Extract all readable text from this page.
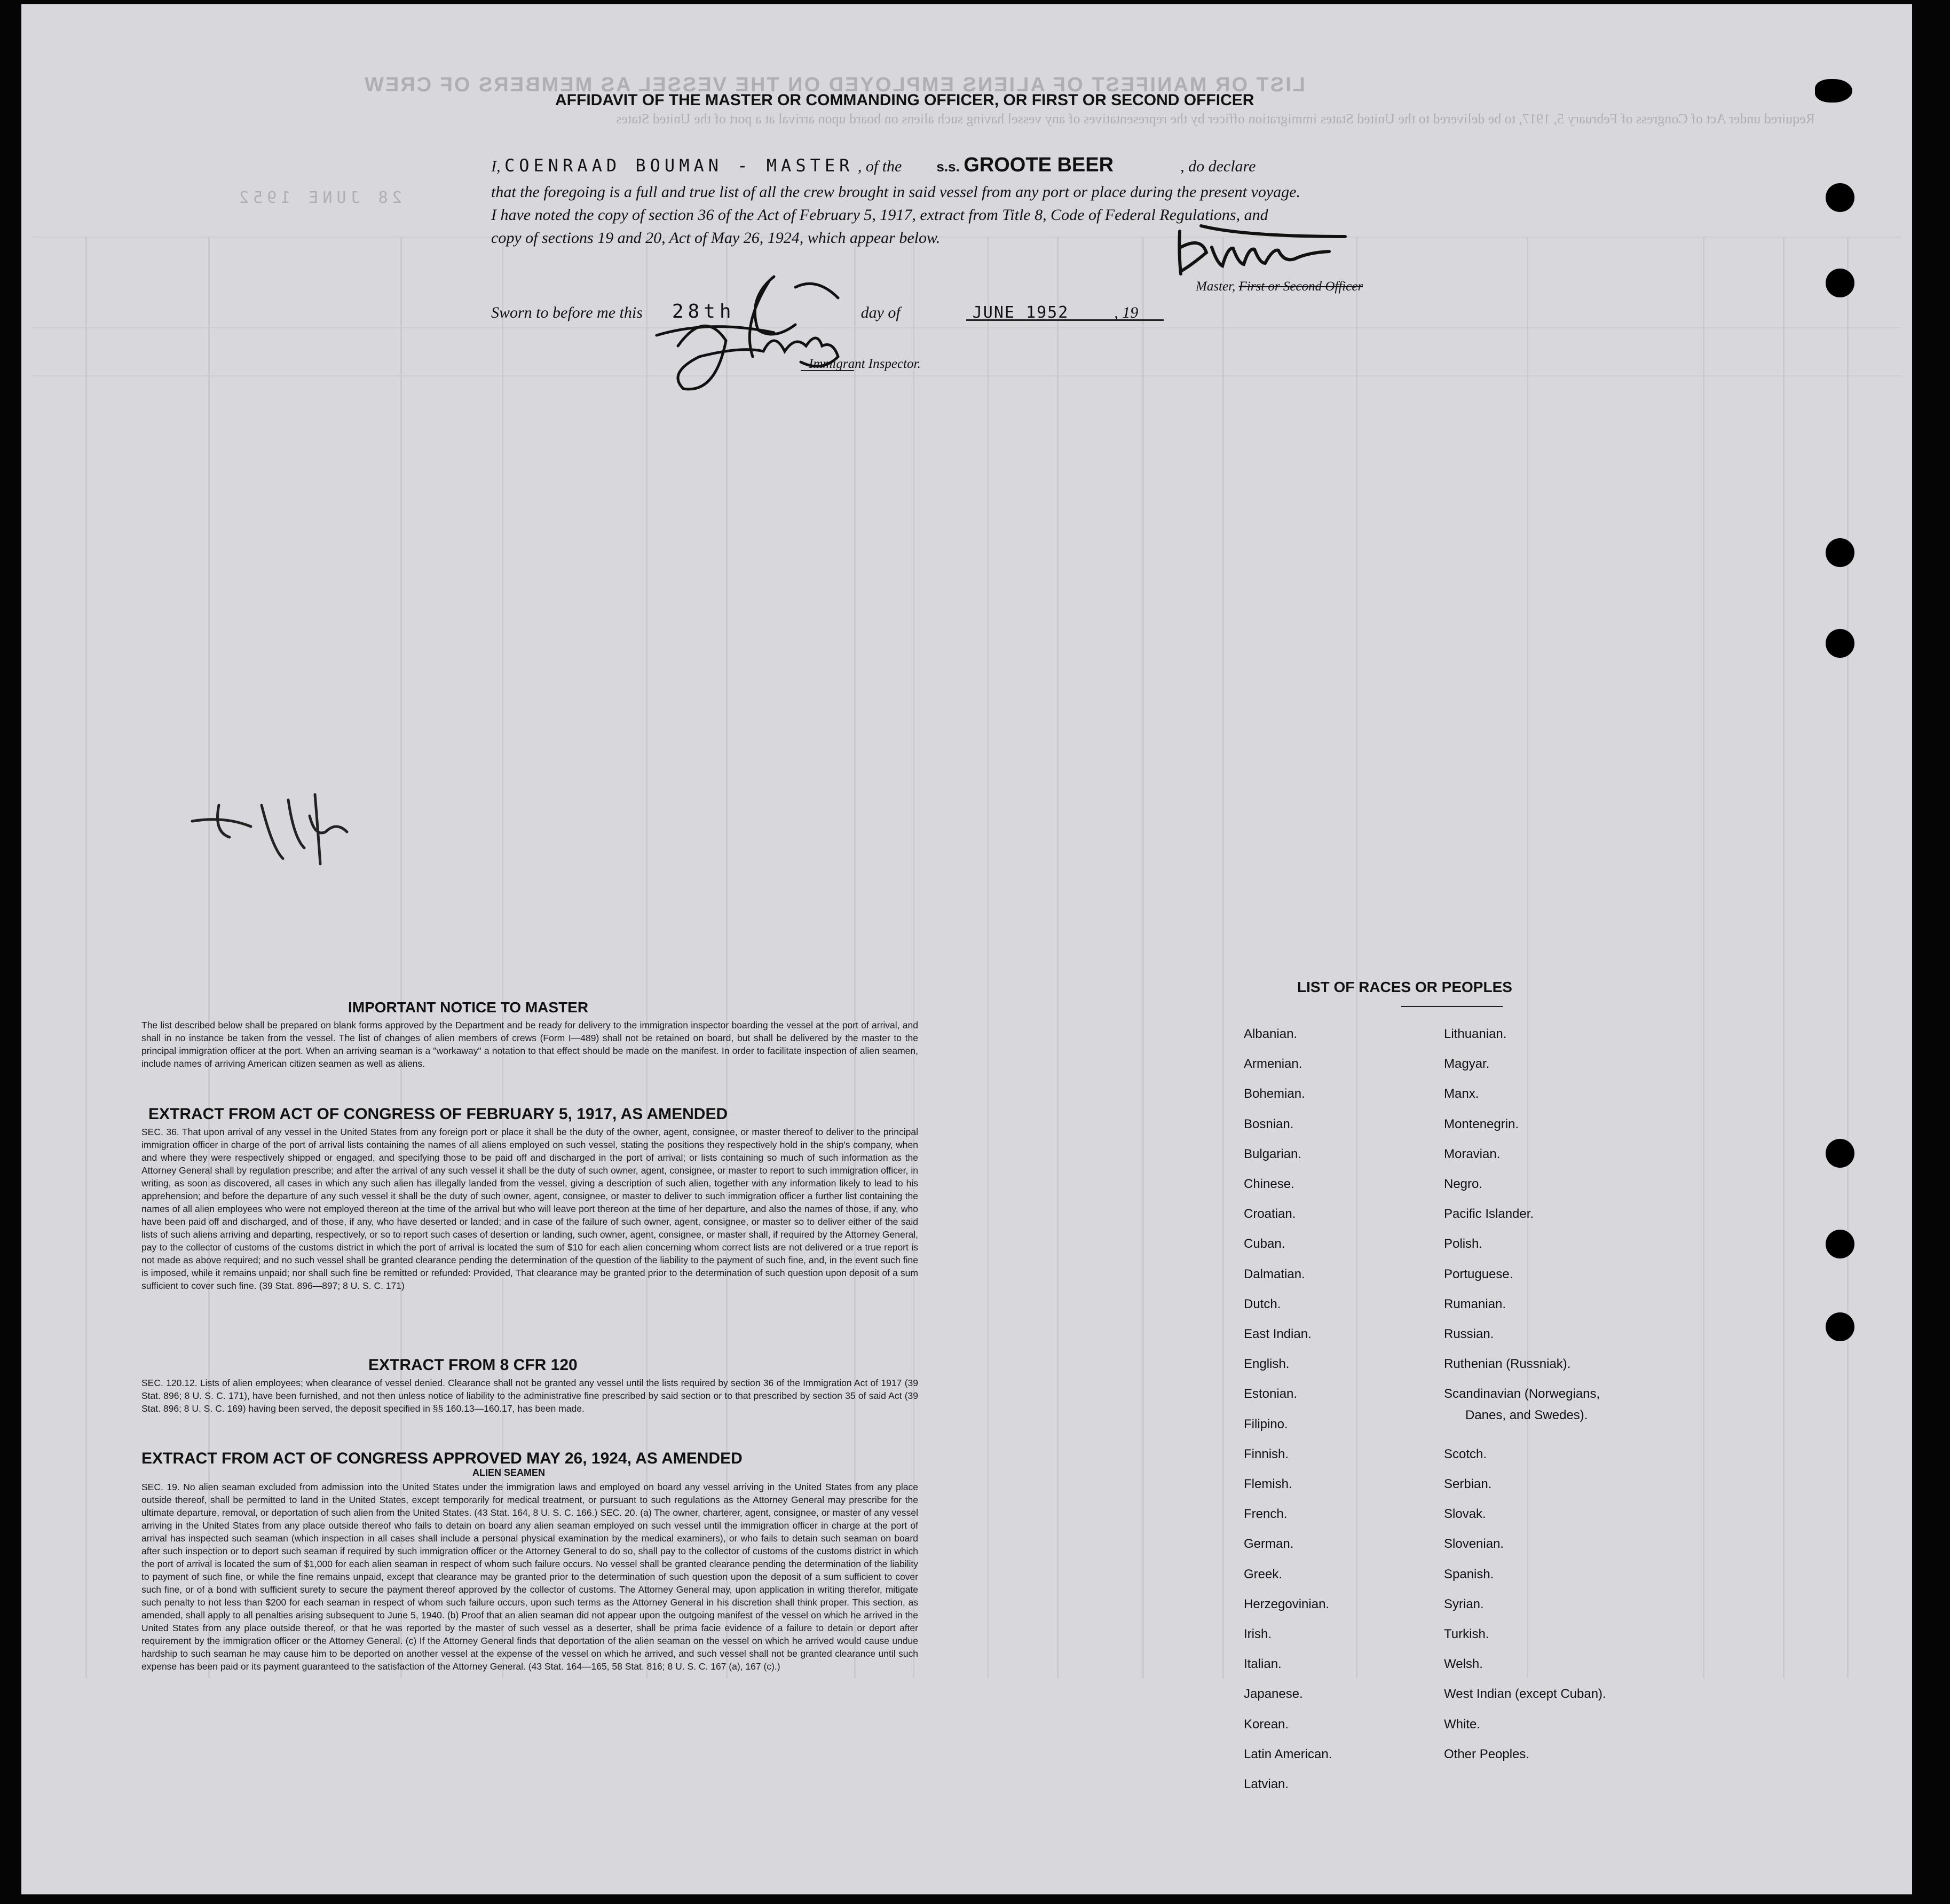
LIST OR MANIFEST OF ALIENS EMPLOYED ON THE VESSEL AS MEMBERS OF CREW
Required under Act of Congress of February 5, 1917, to be delivered to the United States immigration officer by the representatives of any vessel having such aliens on board upon arrival at a port of the United States
28 JUNE 1952
AFFIDAVIT OF THE MASTER OR COMMANDING OFFICER, OR FIRST OR SECOND OFFICER
I, COENRAAD BOUMAN - MASTER , of the	s.s. GROOTE BEER	, do declare
that the foregoing is a full and true list of all the crew brought in said vessel from any port or place during the present voyage.
I have noted the copy of section 36 of the Act of February 5, 1917, extract from Title 8, Code of Federal Regulations, and
copy of sections 19 and 20, Act of May 26, 1924, which appear below.
Sworn to before me this 28th	day of	JUNE 1952	, 19
Master, First or Second Officer
Immigrant Inspector.
IMPORTANT NOTICE TO MASTER
The list described below shall be prepared on blank forms approved by the Department and be ready for delivery to the immigration inspector boarding the vessel at the port of arrival, and shall in no instance be taken from the vessel. The list of changes of alien members of crews (Form I—489) shall not be retained on board, but shall be delivered by the master to the principal immigration officer at the port. When an arriving seaman is a "workaway" a notation to that effect should be made on the manifest. In order to facilitate inspection of alien seamen, include names of arriving American citizen seamen as well as aliens.
EXTRACT FROM ACT OF CONGRESS OF FEBRUARY 5, 1917, AS AMENDED
SEC. 36. That upon arrival of any vessel in the United States from any foreign port or place it shall be the duty of the owner, agent, consignee, or master thereof to deliver to the principal immigration officer in charge of the port of arrival lists containing the names of all aliens employed on such vessel, stating the positions they respectively hold in the ship's company, when and where they were respectively shipped or engaged, and specifying those to be paid off and discharged in the port of arrival; or lists containing so much of such information as the Attorney General shall by regulation prescribe; and after the arrival of any such vessel it shall be the duty of such owner, agent, consignee, or master to report to such immigration officer, in writing, as soon as discovered, all cases in which any such alien has illegally landed from the vessel, giving a description of such alien, together with any information likely to lead to his apprehension; and before the departure of any such vessel it shall be the duty of such owner, agent, consignee, or master to deliver to such immigration officer a further list containing the names of all alien employees who were not employed thereon at the time of the arrival but who will leave port thereon at the time of her departure, and also the names of those, if any, who have been paid off and discharged, and of those, if any, who have deserted or landed; and in case of the failure of such owner, agent, consignee, or master so to deliver either of the said lists of such aliens arriving and departing, respectively, or so to report such cases of desertion or landing, such owner, agent, consignee, or master shall, if required by the Attorney General, pay to the collector of customs of the customs district in which the port of arrival is located the sum of $10 for each alien concerning whom correct lists are not delivered or a true report is not made as above required; and no such vessel shall be granted clearance pending the determination of the question of the liability to the payment of such fine, and, in the event such fine is imposed, while it remains unpaid; nor shall such fine be remitted or refunded: Provided, That clearance may be granted prior to the determination of such question upon deposit of a sum sufficient to cover such fine. (39 Stat. 896—897; 8 U. S. C. 171)
EXTRACT FROM 8 CFR 120
SEC. 120.12. Lists of alien employees; when clearance of vessel denied. Clearance shall not be granted any vessel until the lists required by section 36 of the Immigration Act of 1917 (39 Stat. 896; 8 U. S. C. 171), have been furnished, and not then unless notice of liability to the administrative fine prescribed by said section or to that prescribed by section 35 of said Act (39 Stat. 896; 8 U. S. C. 169) having been served, the deposit specified in §§ 160.13—160.17, has been made.
EXTRACT FROM ACT OF CONGRESS APPROVED MAY 26, 1924, AS AMENDED
ALIEN SEAMEN
SEC. 19. No alien seaman excluded from admission into the United States under the immigration laws and employed on board any vessel arriving in the United States from any place outside thereof, shall be permitted to land in the United States, except temporarily for medical treatment, or pursuant to such regulations as the Attorney General may prescribe for the ultimate departure, removal, or deportation of such alien from the United States. (43 Stat. 164, 8 U. S. C. 166.) SEC. 20. (a) The owner, charterer, agent, consignee, or master of any vessel arriving in the United States from any place outside thereof who fails to detain on board any alien seaman employed on such vessel until the immigration officer in charge at the port of arrival has inspected such seaman (which inspection in all cases shall include a personal physical examination by the medical examiners), or who fails to detain such seaman on board after such inspection or to deport such seaman if required by such immigration officer or the Attorney General to do so, shall pay to the collector of customs of the customs district in which the port of arrival is located the sum of $1,000 for each alien seaman in respect of whom such failure occurs. No vessel shall be granted clearance pending the determination of the liability to payment of such fine, or while the fine remains unpaid, except that clearance may be granted prior to the determination of such question upon the deposit of a sum sufficient to cover such fine, or of a bond with sufficient surety to secure the payment thereof approved by the collector of customs. The Attorney General may, upon application in writing therefor, mitigate such penalty to not less than $200 for each seaman in respect of whom such failure occurs, upon such terms as the Attorney General in his discretion shall think proper. This section, as amended, shall apply to all penalties arising subsequent to June 5, 1940. (b) Proof that an alien seaman did not appear upon the outgoing manifest of the vessel on which he arrived in the United States from any place outside thereof, or that he was reported by the master of such vessel as a deserter, shall be prima facie evidence of a failure to detain or deport after requirement by the immigration officer or the Attorney General. (c) If the Attorney General finds that deportation of the alien seaman on the vessel on which he arrived would cause undue hardship to such seaman he may cause him to be deported on another vessel at the expense of the vessel on which he arrived, and such vessel shall not be granted clearance until such expense has been paid or its payment guaranteed to the satisfaction of the Attorney General. (43 Stat. 164—165, 58 Stat. 816; 8 U. S. C. 167 (a), 167 (c).)
LIST OF RACES OR PEOPLES
Albanian.
Armenian.
Bohemian.
Bosnian.
Bulgarian.
Chinese.
Croatian.
Cuban.
Dalmatian.
Dutch.
East Indian.
English.
Estonian.
Filipino.
Finnish.
Flemish.
French.
German.
Greek.
Herzegovinian.
Irish.
Italian.
Japanese.
Korean.
Latin American.
Latvian.
Lithuanian.
Magyar.
Manx.
Montenegrin.
Moravian.
Negro.
Pacific Islander.
Polish.
Portuguese.
Rumanian.
Russian.
Ruthenian (Russniak).
Scandinavian (Norwegians,
Danes, and Swedes).
Scotch.
Serbian.
Slovak.
Slovenian.
Spanish.
Syrian.
Turkish.
Welsh.
West Indian (except Cuban).
White.
Other Peoples.
